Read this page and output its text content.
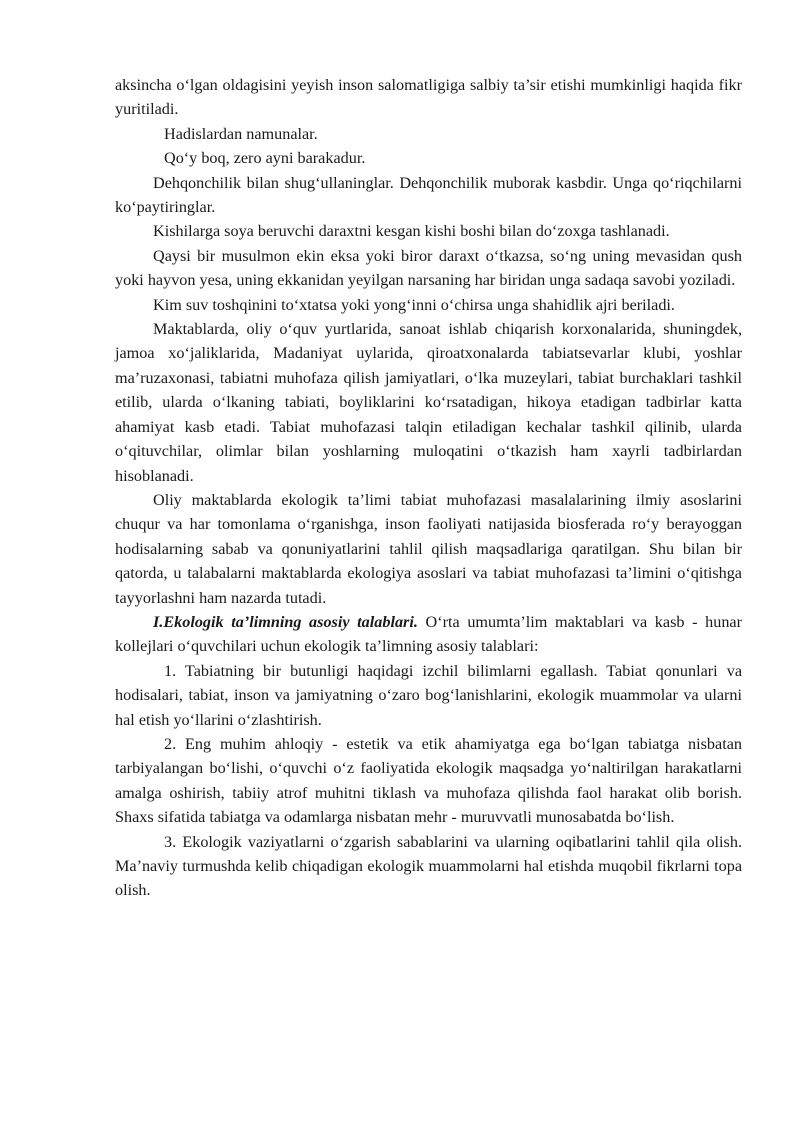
aksincha o‘lgan oldagisini yeyish inson salomatligiga salbiy ta’sir etishi mumkinligi haqida fikr yuritiladi.

Hadislardan namunalar.

Qo‘y boq, zero ayni barakadur.

Dehqonchilik bilan shug‘ullaninglar. Dehqonchilik muborak kasbdir. Unga qo‘riqchilarni ko‘paytiringlar.

Kishilarga soya beruvchi daraxtni kesgan kishi boshi bilan do‘zoxga tashlanadi.

Qaysi bir musulmon ekin eksa yoki biror daraxt o‘tkazsa, so‘ng uning mevasidan qush yoki hayvon yesa, uning ekkanidan yeyilgan narsaning har biridan unga sadaqa savobi yoziladi.

Kim suv toshqinini to‘xtatsa yoki yong‘inni o‘chirsa unga shahidlik ajri beriladi.

Maktablarda, oliy o‘quv yurtlarida, sanoat ishlab chiqarish korxonalarida, shuningdek, jamoa xo‘jaliklarida, Madaniyat uylarida, qiroatxonalarda tabiatsevarlar klubi, yoshlar ma’ruzaxonasi, tabiatni muhofaza qilish jamiyatlari, o‘lka muzeylari, tabiat burchaklari tashkil etilib, ularda o‘lkaning tabiati, boyliklarini ko‘rsatadigan, hikoya etadigan tadbirlar katta ahamiyat kasb etadi. Tabiat muhofazasi talqin etiladigan kechalar tashkil qilinib, ularda o‘qituvchilar, olimlar bilan yoshlarning muloqatini o‘tkazish ham xayrli tadbirlardan hisoblanadi.

Oliy maktablarda ekologik ta’limi tabiat muhofazasi masalalarining ilmiy asoslarini chuqur va har tomonlama o‘rganishga, inson faoliyati natijasida biosferada ro‘y berayoggan hodisalarning sabab va qonuniyatlarini tahlil qilish maqsadlariga qaratilgan. Shu bilan bir qatorda, u talabalarni maktablarda ekologiya asoslari va tabiat muhofazasi ta’limini o‘qitishga tayyorlashni ham nazarda tutadi.

I.Ekologik ta’limning asosiy talablari. O‘rta umumta’lim maktablari va kasb - hunar kollejlari o‘quvchilari uchun ekologik ta’limning asosiy talablari:

1. Tabiatning bir butunligi haqidagi izchil bilimlarni egallash. Tabiat qonunlari va hodisalari, tabiat, inson va jamiyatning o‘zaro bog‘lanishlarini, ekologik muammolar va ularni hal etish yo‘llarini o‘zlashtirish.

2. Eng muhim ahloqiy - estetik va etik ahamiyatga ega bo‘lgan tabiatga nisbatan tarbiyalangan bo‘lishi, o‘quvchi o‘z faoliyatida ekologik maqsadga yo‘naltirilgan harakatlarni amalga oshirish, tabiiy atrof muhitni tiklash va muhofaza qilishda faol harakat olib borish. Shaxs sifatida tabiatga va odamlarga nisbatan mehr - muruvvatli munosabatda bo‘lish.

3. Ekologik vaziyatlarni o‘zgarish sabablarini va ularning oqibatlarini tahlil qila olish. Ma’naviy turmushda kelib chiqadigan ekologik muammolarni hal etishda muqobil fikrlarni topa olish.
